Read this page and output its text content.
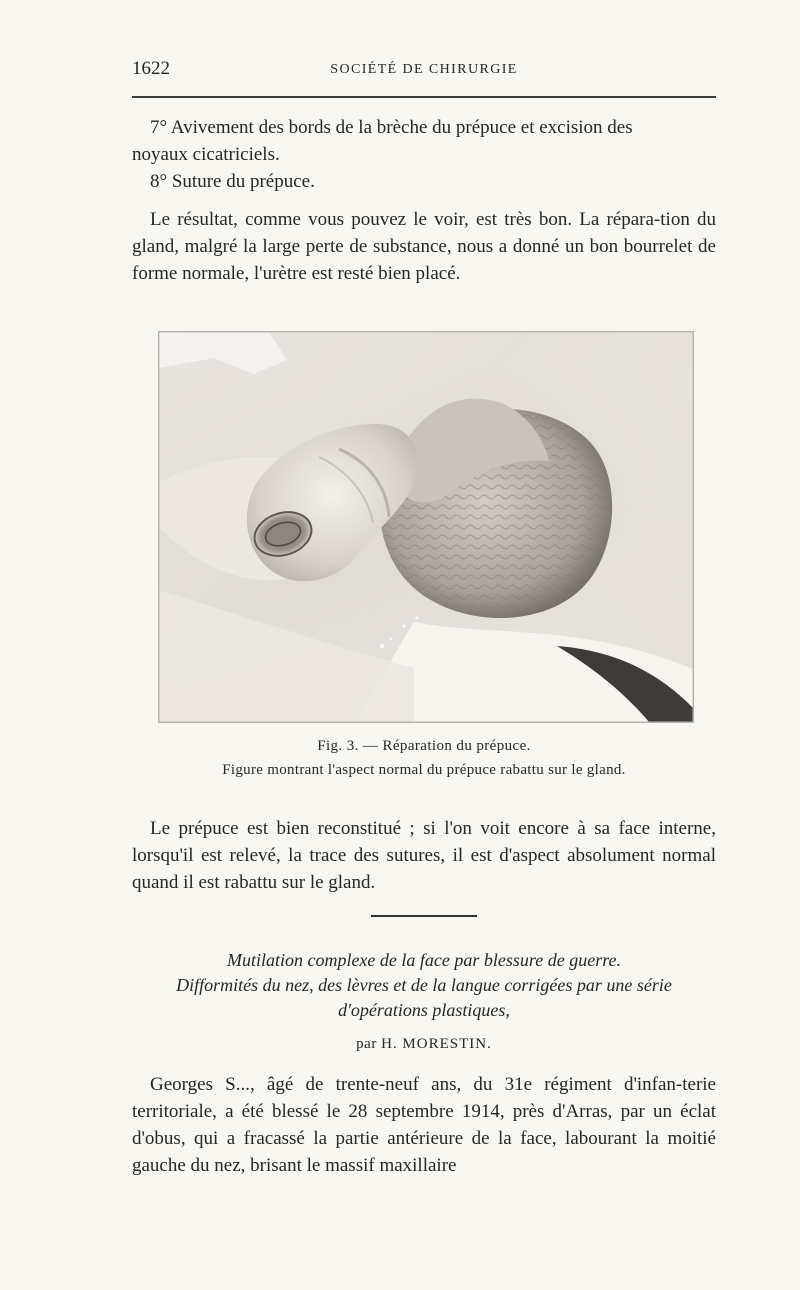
1622	SOCIÉTÉ DE CHIRURGIE

7° Avivement des bords de la brèche du prépuce et excision des
noyaux cicatriciels.
8° Suture du prépuce.

Le résultat, comme vous pouvez le voir, est très bon. La répara-tion du gland, malgré la large perte de substance, nous a donné un bon bourrelet de forme normale, l'urètre est resté bien placé.

Fig. 3. — Réparation du prépuce.
Figure montrant l'aspect normal du prépuce rabattu sur le gland.

Le prépuce est bien reconstitué ; si l'on voit encore à sa face interne, lorsqu'il est relevé, la trace des sutures, il est d'aspect absolument normal quand il est rabattu sur le gland.

Mutilation complexe de la face par blessure de guerre.
Difformités du nez, des lèvres et de la langue corrigées par une série
d'opérations plastiques,
par H. MORESTIN.

Georges S..., âgé de trente-neuf ans, du 31e régiment d'infan-terie territoriale, a été blessé le 28 septembre 1914, près d'Arras, par un éclat d'obus, qui a fracassé la partie antérieure de la face, labourant la moitié gauche du nez, brisant le massif maxillaire
